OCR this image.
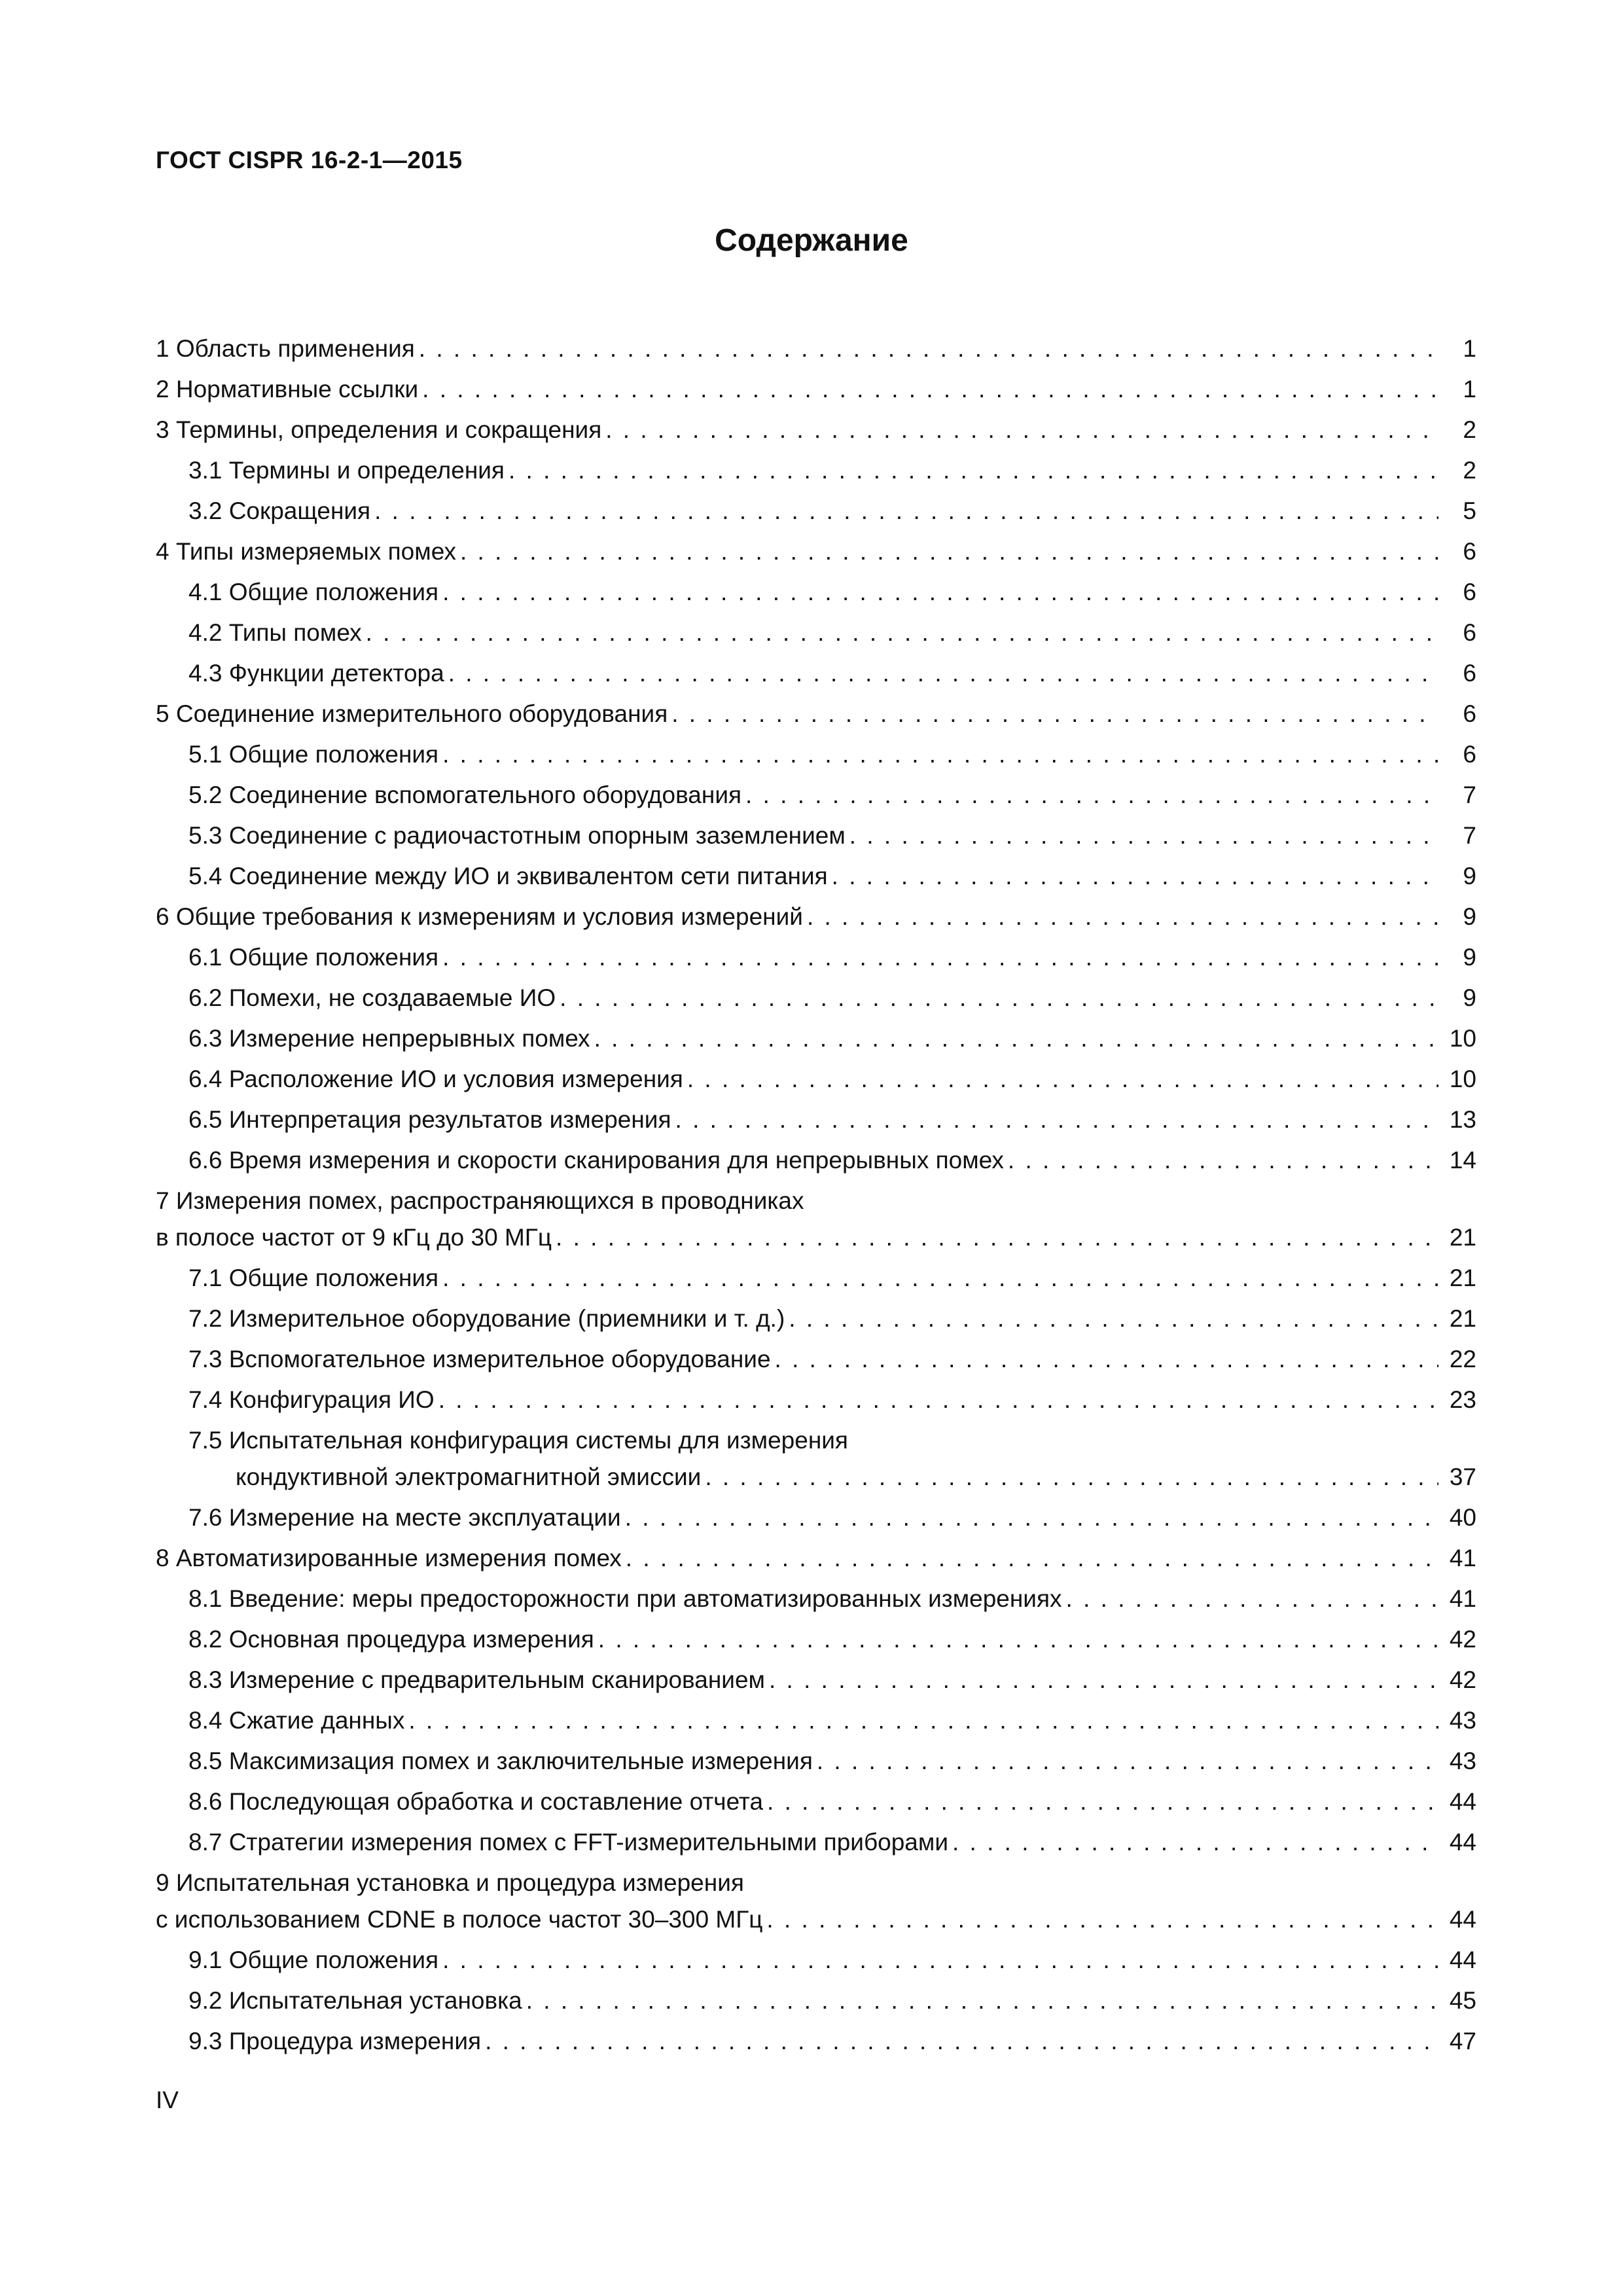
ГОСТ CISPR 16-2-1—2015
Содержание
1 Область применения . . .	1
2 Нормативные ссылки . . .	1
3 Термины, определения и сокращения . . .	2
3.1 Термины и определения . . .	2
3.2 Сокращения . . .	5
4 Типы измеряемых помех . . .	6
4.1 Общие положения . . .	6
4.2 Типы помех . . .	6
4.3 Функции детектора . . .	6
5 Соединение измерительного оборудования . . .	6
5.1 Общие положения . . .	6
5.2 Соединение вспомогательного оборудования . . .	7
5.3 Соединение с радиочастотным опорным заземлением . . .	7
5.4 Соединение между ИО и эквивалентом сети питания . . .	9
6 Общие требования к измерениям и условия измерений . . .	9
6.1 Общие положения . . .	9
6.2 Помехи, не создаваемые ИО . . .	9
6.3 Измерение непрерывных помех . . .	10
6.4 Расположение ИО и условия измерения . . .	10
6.5 Интерпретация результатов измерения . . .	13
6.6 Время измерения и скорости сканирования для непрерывных помех . . .	14
7 Измерения помех, распространяющихся в проводниках
в полосе частот от 9 кГц до 30 МГц . . .	21
7.1 Общие положения . . .	21
7.2 Измерительное оборудование (приемники и т. д.) . . .	21
7.3 Вспомогательное измерительное оборудование . . .	22
7.4 Конфигурация ИО . . .	23
7.5 Испытательная конфигурация системы для измерения
кондуктивной электромагнитной эмиссии . . .	37
7.6 Измерение на месте эксплуатации . . .	40
8 Автоматизированные измерения помех . . .	41
8.1 Введение: меры предосторожности при автоматизированных измерениях . . .	41
8.2 Основная процедура измерения . . .	42
8.3 Измерение с предварительным сканированием . . .	42
8.4 Сжатие данных . . .	43
8.5 Максимизация помех и заключительные измерения . . .	43
8.6 Последующая обработка и составление отчета . . .	44
8.7 Стратегии измерения помех с FFT-измерительными приборами . . .	44
9 Испытательная установка и процедура измерения
с использованием CDNE в полосе частот 30–300 МГц . . .	44
9.1 Общие положения . . .	44
9.2 Испытательная установка . . .	45
9.3 Процедура измерения . . .	47
IV
